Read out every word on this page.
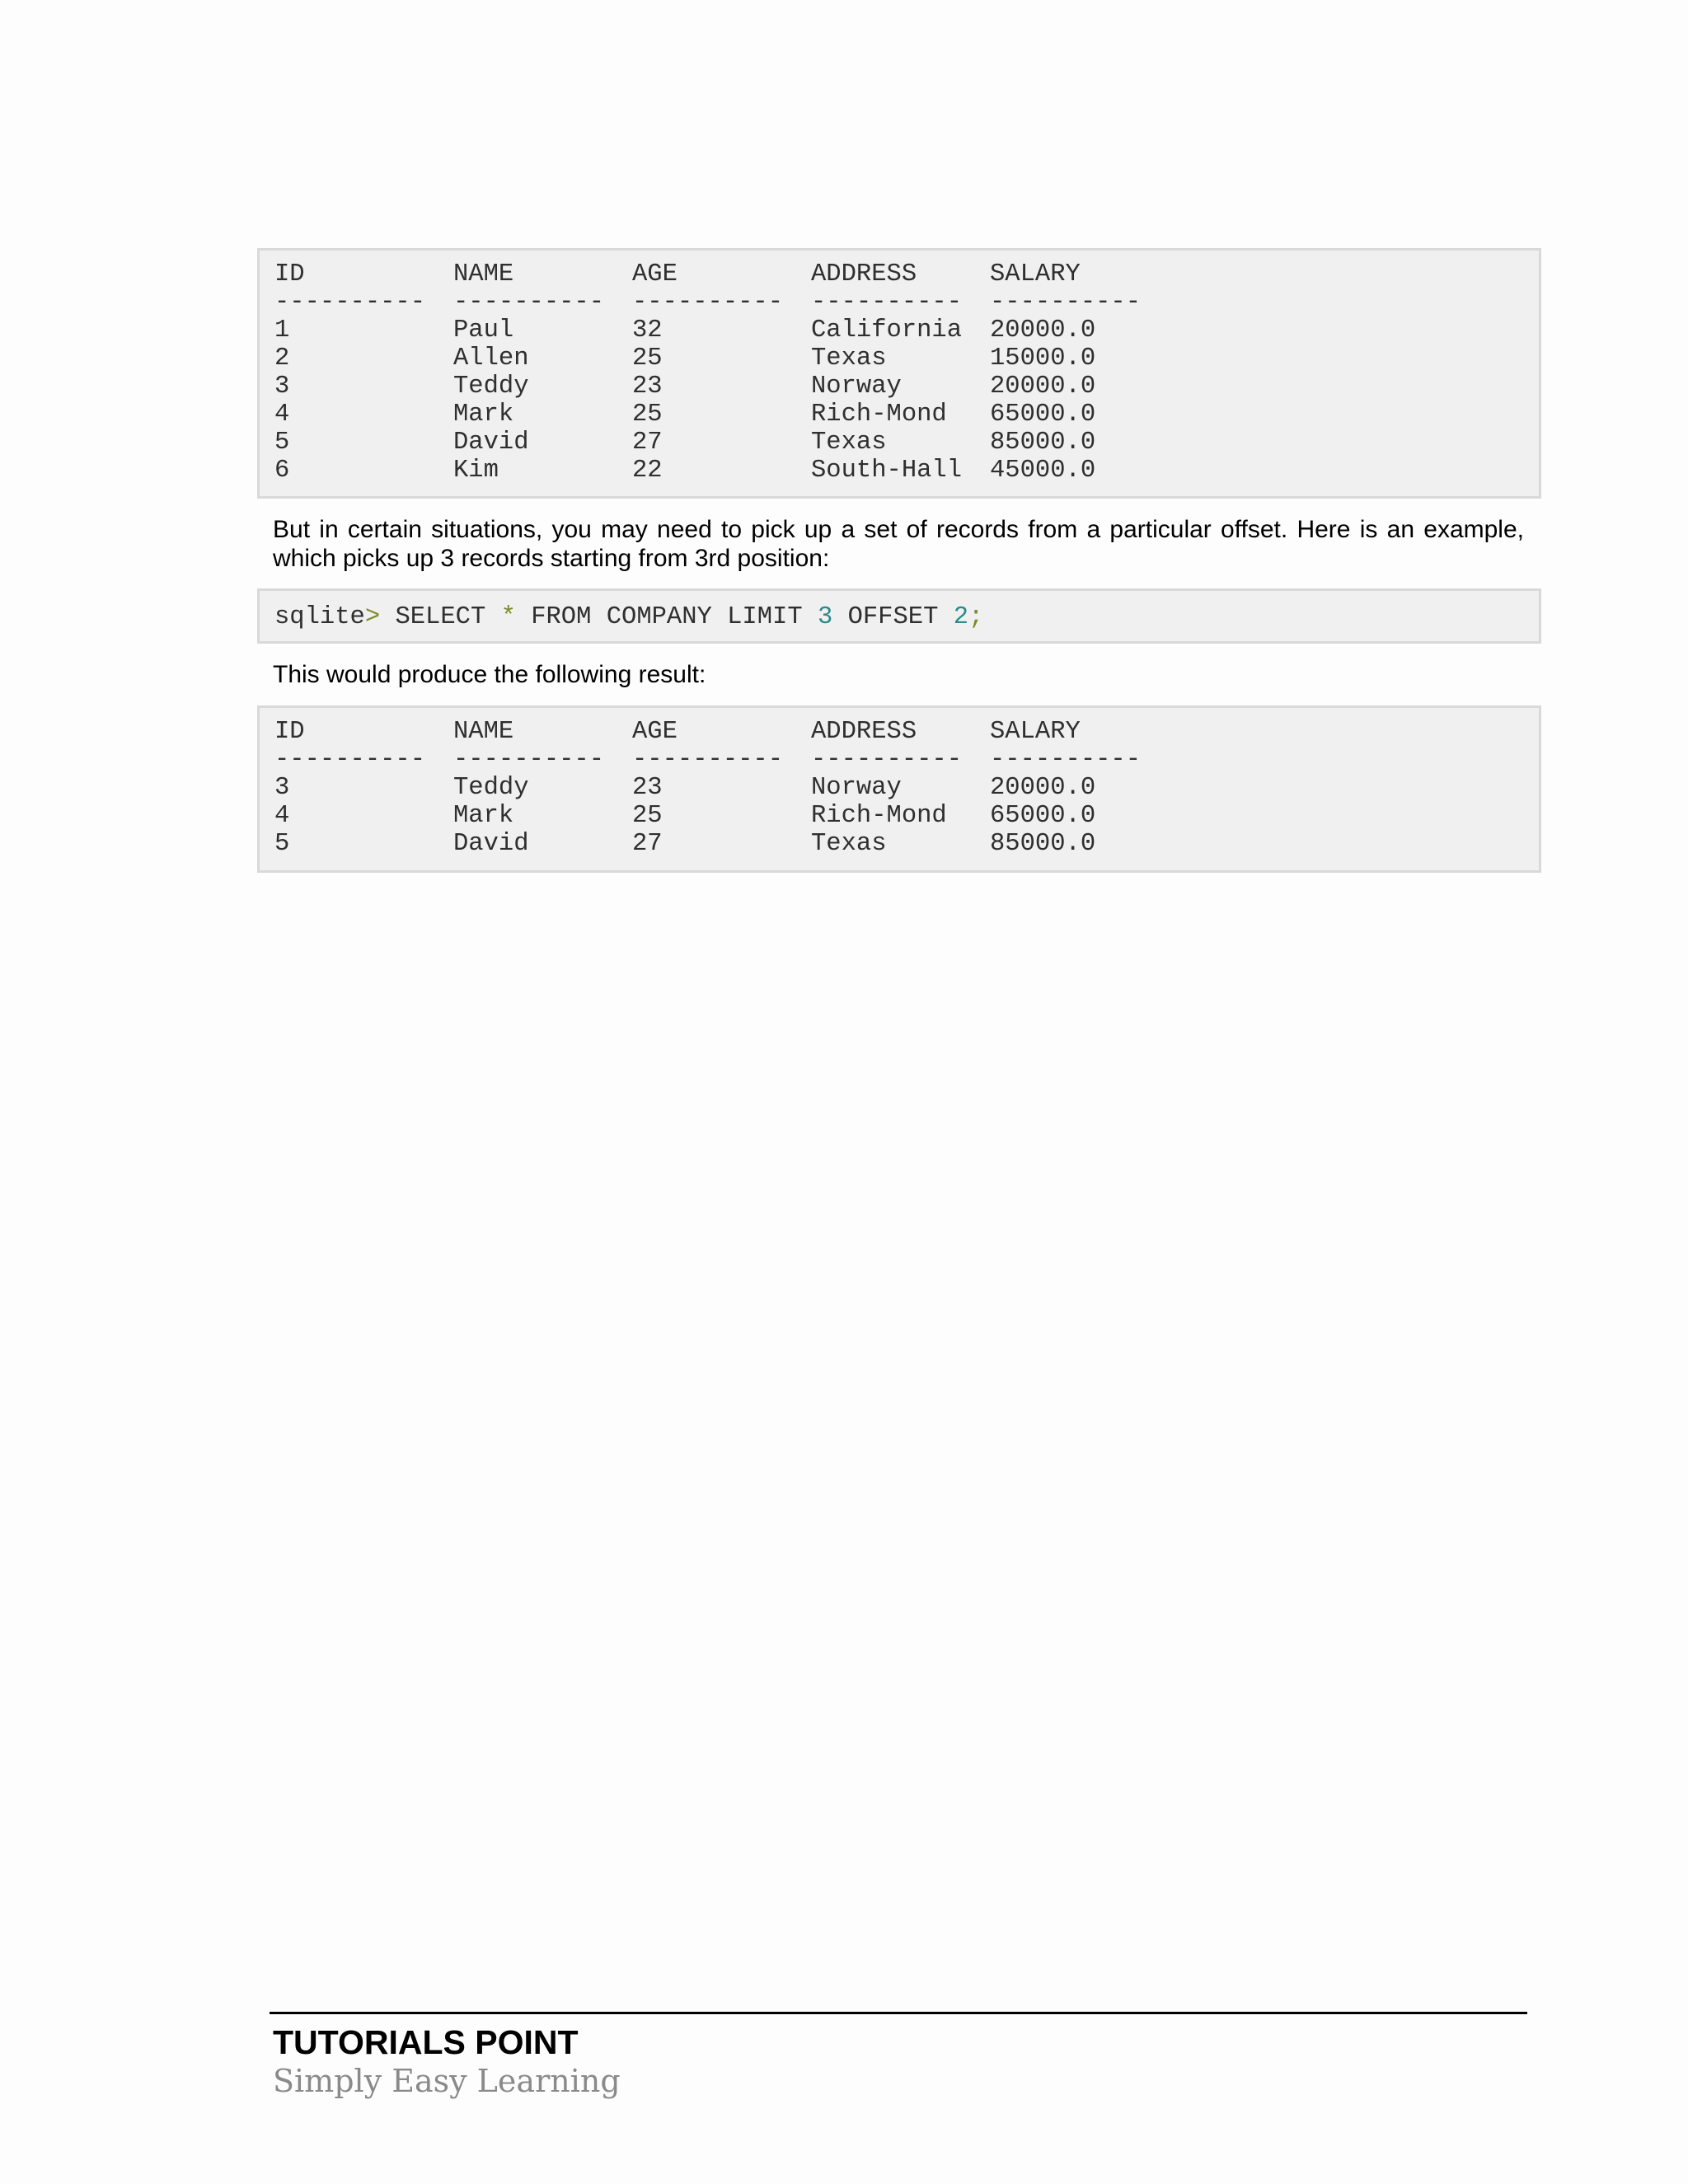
ID	NAME	AGE	ADDRESS	SALARY
---------- ---------- ---------- ---------- ----------
1	Paul	32	California 20000.0
2	Allen	25	Texas	15000.0
3	Teddy	23	Norway	20000.0
4	Mark	25	Rich-Mond 65000.0
5	David	27	Texas	85000.0
6	Kim	22	South-Hall 45000.0

But in certain situations, you may need to pick up a set of records from a particular offset. Here is an example, which picks up 3 records starting from 3rd position:

sqlite> SELECT * FROM COMPANY LIMIT 3 OFFSET 2;

This would produce the following result:

ID	NAME	AGE	ADDRESS	SALARY
---------- ---------- ---------- ---------- ----------
3	Teddy	23	Norway	20000.0
4	Mark	25	Rich-Mond 65000.0
5	David	27	Texas	85000.0
TUTORIALS POINT
Simply Easy Learning
